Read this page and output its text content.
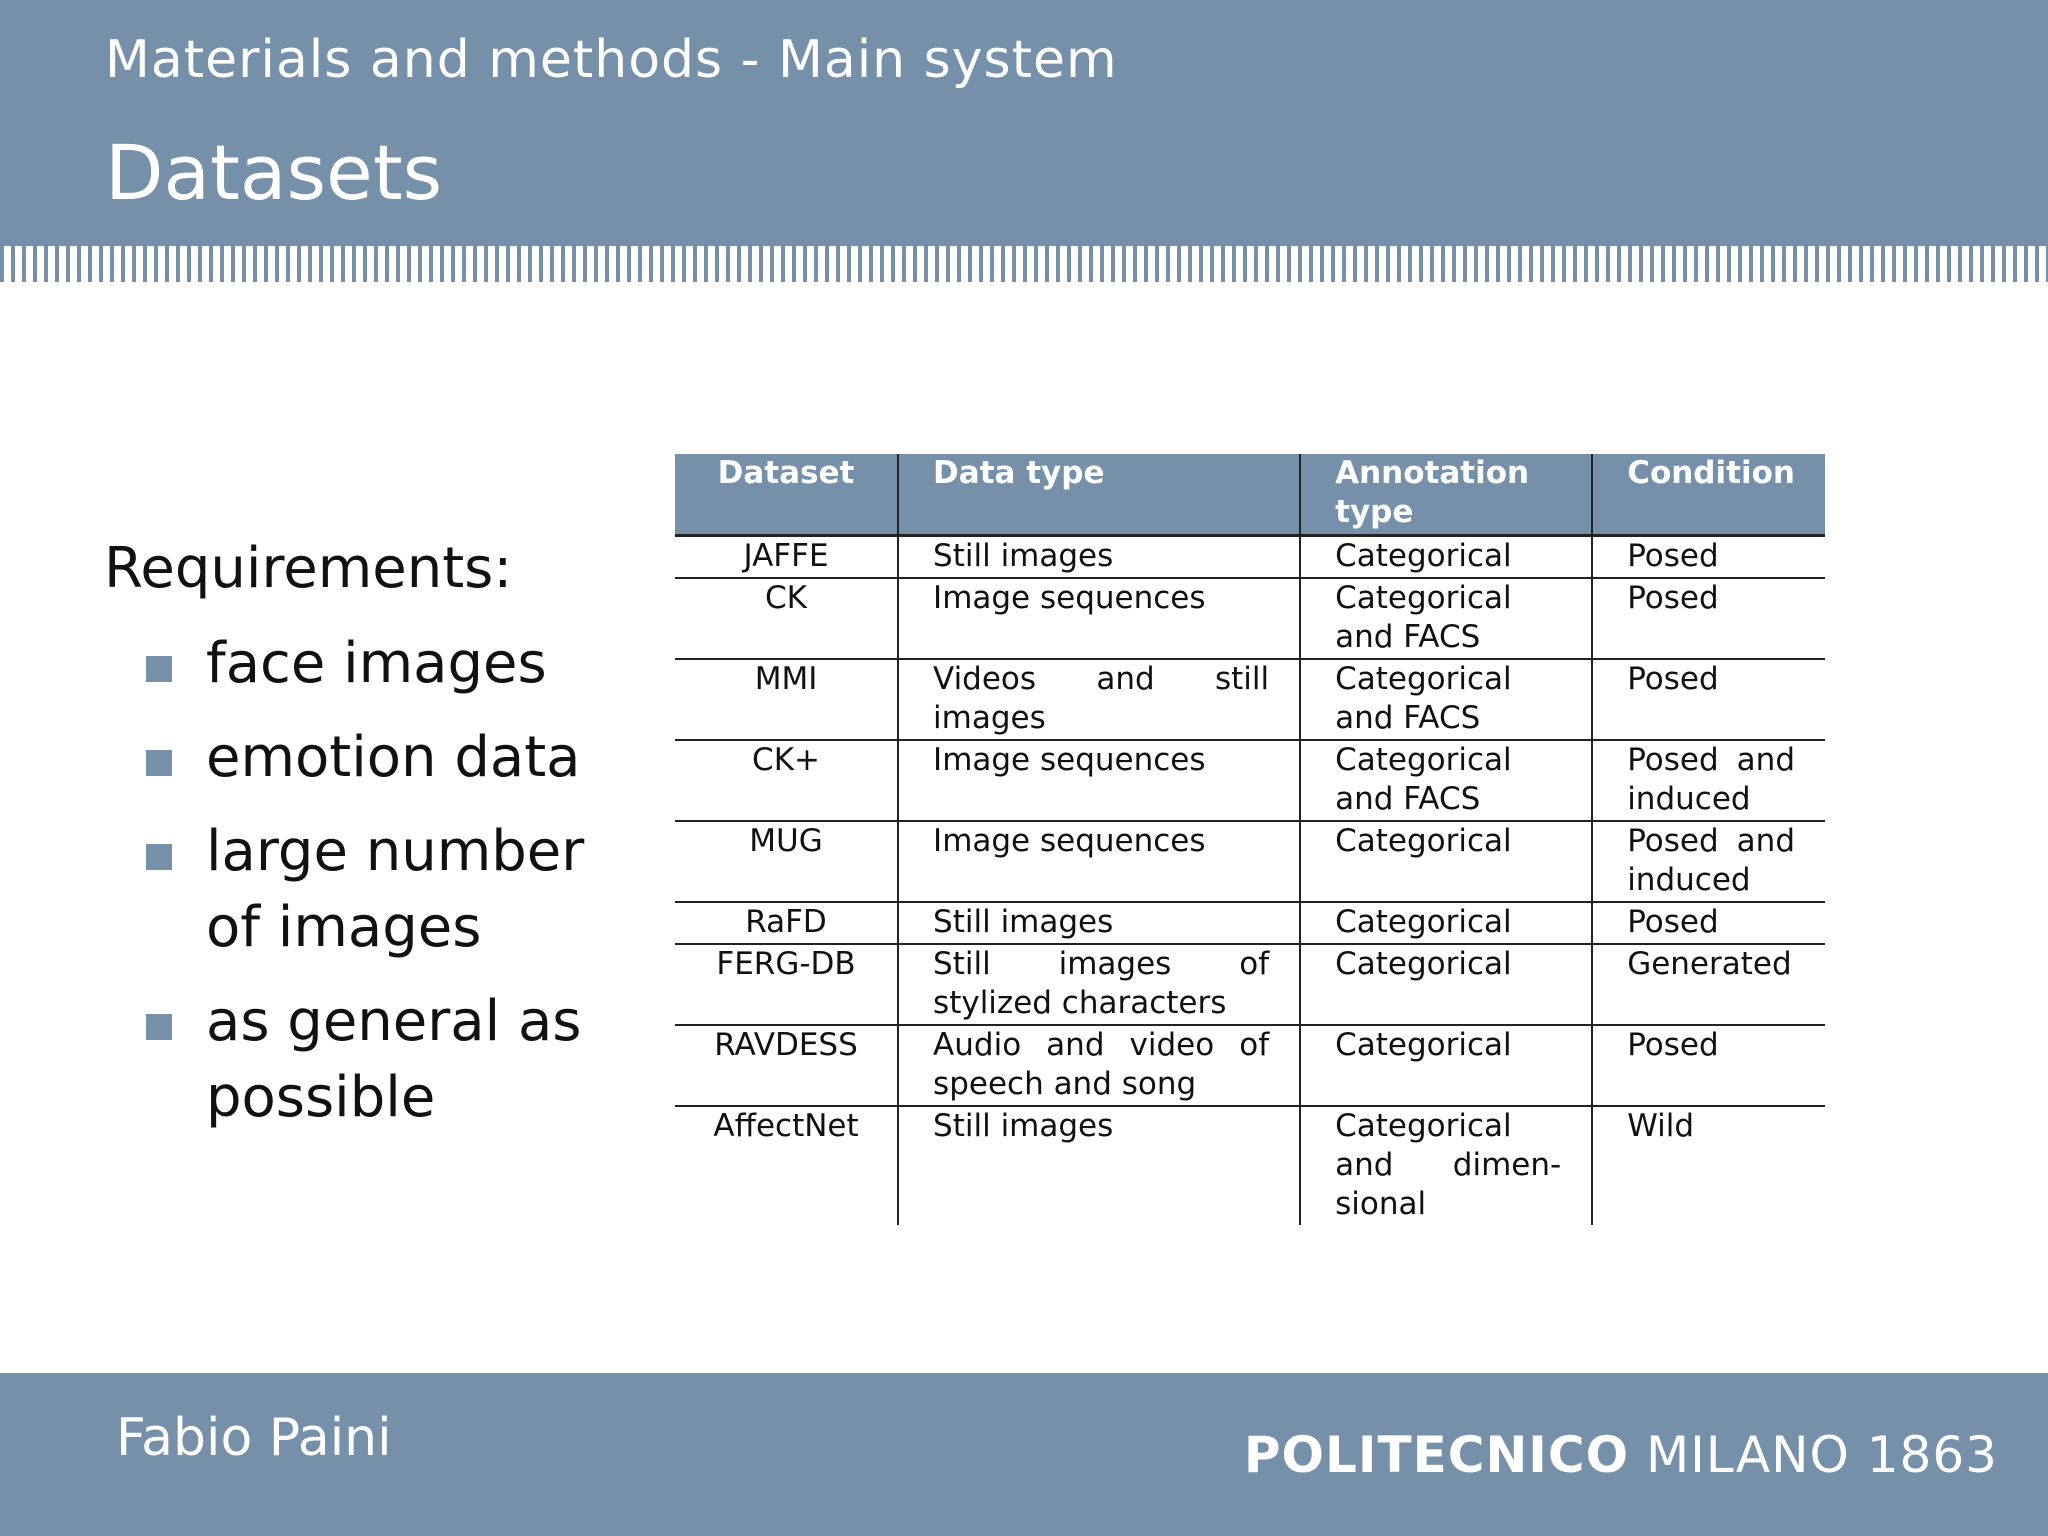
Materials and methods - Main system
Datasets
Requirements:
face images
emotion data
large number of images
as general as possible
Dataset	Data type	Annotation type	Condition
JAFFE	Still images	Categorical	Posed
CK	Image sequences	Categorical and FACS	Posed
MMI	Videos and still images	Categorical and FACS	Posed
CK+	Image sequences	Categorical and FACS	Posed and induced
MUG	Image sequences	Categorical	Posed and induced
RaFD	Still images	Categorical	Posed
FERG-DB	Still images of stylized characters	Categorical	Generated
RAVDESS	Audio and video of speech and song	Categorical	Posed
AffectNet	Still images	Categorical and dimen-sional	Wild
Fabio Paini	POLITECNICO MILANO 1863
